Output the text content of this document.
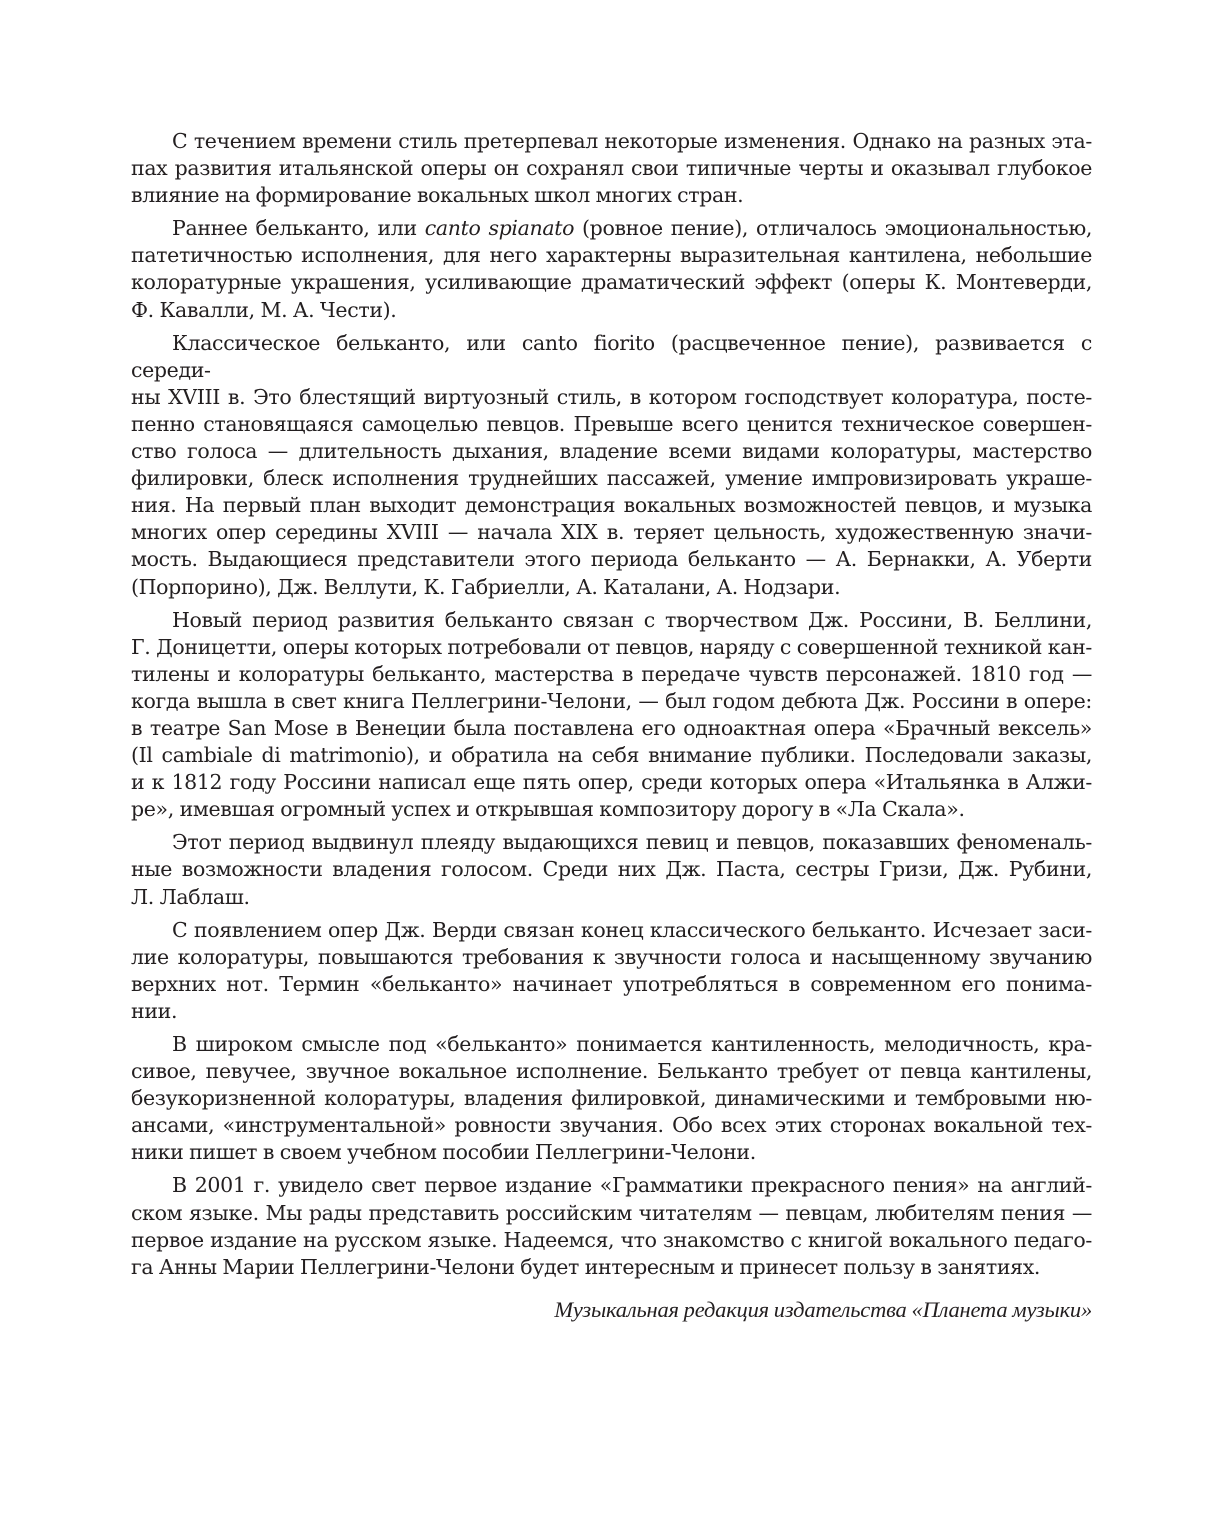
С течением времени стиль претерпевал некоторые изменения. Однако на разных эта-
пах развития итальянской оперы он сохранял свои типичные черты и оказывал глубокое
влияние на формирование вокальных школ многих стран.

Раннее бельканто, или canto spianato (ровное пение), отличалось эмоциональностью,
патетичностью исполнения, для него характерны выразительная кантилена, небольшие
колоратурные украшения, усиливающие драматический эффект (оперы К. Монтеверди,
Ф. Кавалли, М. А. Чести).

Классическое бельканто, или canto fiorito (расцвеченное пение), развивается с середи-
ны XVIII в. Это блестящий виртуозный стиль, в котором господствует колоратура, посте-
пенно становящаяся самоцелью певцов. Превыше всего ценится техническое совершен-
ство голоса — длительность дыхания, владение всеми видами колоратуры, мастерство
филировки, блеск исполнения труднейших пассажей, умение импровизировать украше-
ния. На первый план выходит демонстрация вокальных возможностей певцов, и музыка
многих опер середины XVIII — начала XIX в. теряет цельность, художественную значи-
мость. Выдающиеся представители этого периода бельканто — А. Бернакки, А. Уберти
(Порпорино), Дж. Веллути, К. Габриелли, А. Каталани, А. Нодзари.

Новый период развития бельканто связан с творчеством Дж. Россини, В. Беллини,
Г. Доницетти, оперы которых потребовали от певцов, наряду с совершенной техникой кан-
тилены и колоратуры бельканто, мастерства в передаче чувств персонажей. 1810 год —
когда вышла в свет книга Пеллегрини-Челони, — был годом дебюта Дж. Россини в опере:
в театре San Mose в Венеции была поставлена его одноактная опера «Брачный вексель»
(Il cambiale di matrimonio), и обратила на себя внимание публики. Последовали заказы,
и к 1812 году Россини написал еще пять опер, среди которых опера «Итальянка в Алжи-
ре», имевшая огромный успех и открывшая композитору дорогу в «Ла Скала».

Этот период выдвинул плеяду выдающихся певиц и певцов, показавших феноменаль-
ные возможности владения голосом. Среди них Дж. Паста, сестры Гризи, Дж. Рубини,
Л. Лаблаш.

С появлением опер Дж. Верди связан конец классического бельканто. Исчезает заси-
лие колоратуры, повышаются требования к звучности голоса и насыщенному звучанию
верхних нот. Термин «бельканто» начинает употребляться в современном его понима-
нии.

В широком смысле под «бельканто» понимается кантиленность, мелодичность, кра-
сивое, певучее, звучное вокальное исполнение. Бельканто требует от певца кантилены,
безукоризненной колоратуры, владения филировкой, динамическими и тембровыми ню-
ансами, «инструментальной» ровности звучания. Обо всех этих сторонах вокальной тех-
ники пишет в своем учебном пособии Пеллегрини-Челони.

В 2001 г. увидело свет первое издание «Грамматики прекрасного пения» на англий-
ском языке. Мы рады представить российским читателям — певцам, любителям пения —
первое издание на русском языке. Надеемся, что знакомство с книгой вокального педаго-
га Анны Марии Пеллегрини-Челони будет интересным и принесет пользу в занятиях.

Музыкальная редакция издательства «Планета музыки»
